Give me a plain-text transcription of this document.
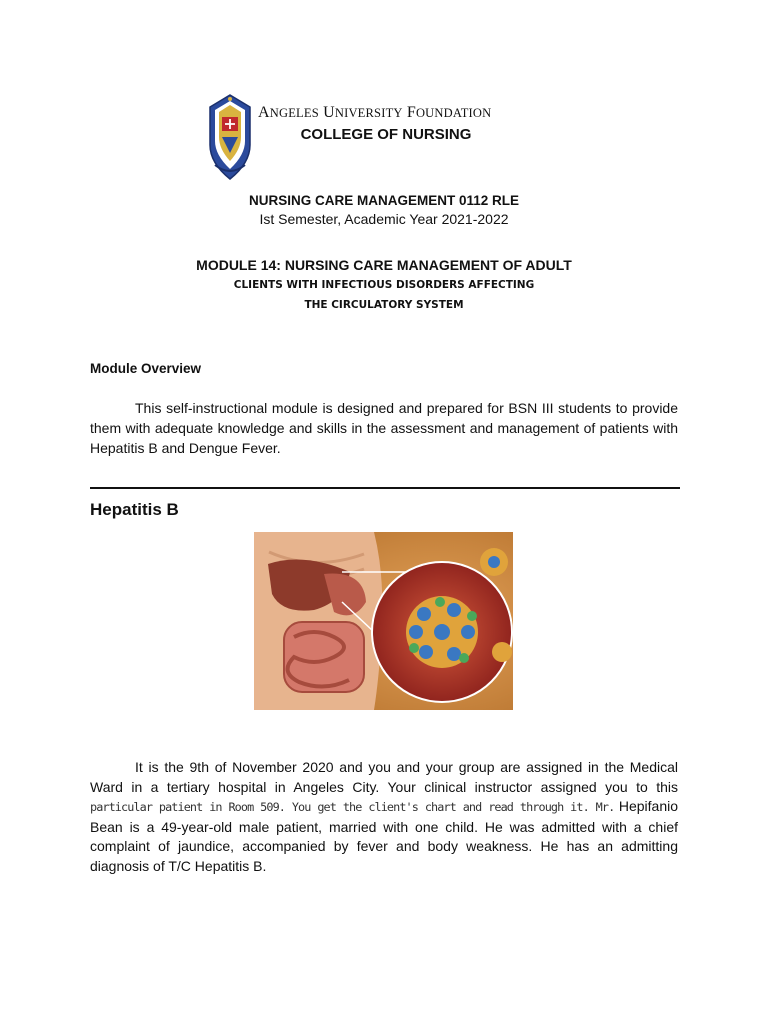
ANGELES UNIVERSITY FOUNDATION
COLLEGE OF NURSING
NURSING CARE MANAGEMENT 0112 RLE
Ist Semester, Academic Year 2021-2022
MODULE 14: NURSING CARE MANAGEMENT OF ADULT
CLIENTS WITH INFECTIOUS DISORDERS AFFECTING
THE CIRCULATORY SYSTEM
Module Overview
This self-instructional module is designed and prepared for BSN III students to provide them with adequate knowledge and skills in the assessment and management of patients with Hepatitis B and Dengue Fever.
Hepatitis B
It is the 9th of November 2020 and you and your group are assigned in the Medical Ward in a tertiary hospital in Angeles City. Your clinical instructor assigned you to this particular patient in Room 509. You get the client's chart and read through it. Mr. Hepifanio Bean is a 49-year-old male patient, married with one child. He was admitted with a chief complaint of jaundice, accompanied by fever and body weakness. He has an admitting diagnosis of T/C Hepatitis B.
